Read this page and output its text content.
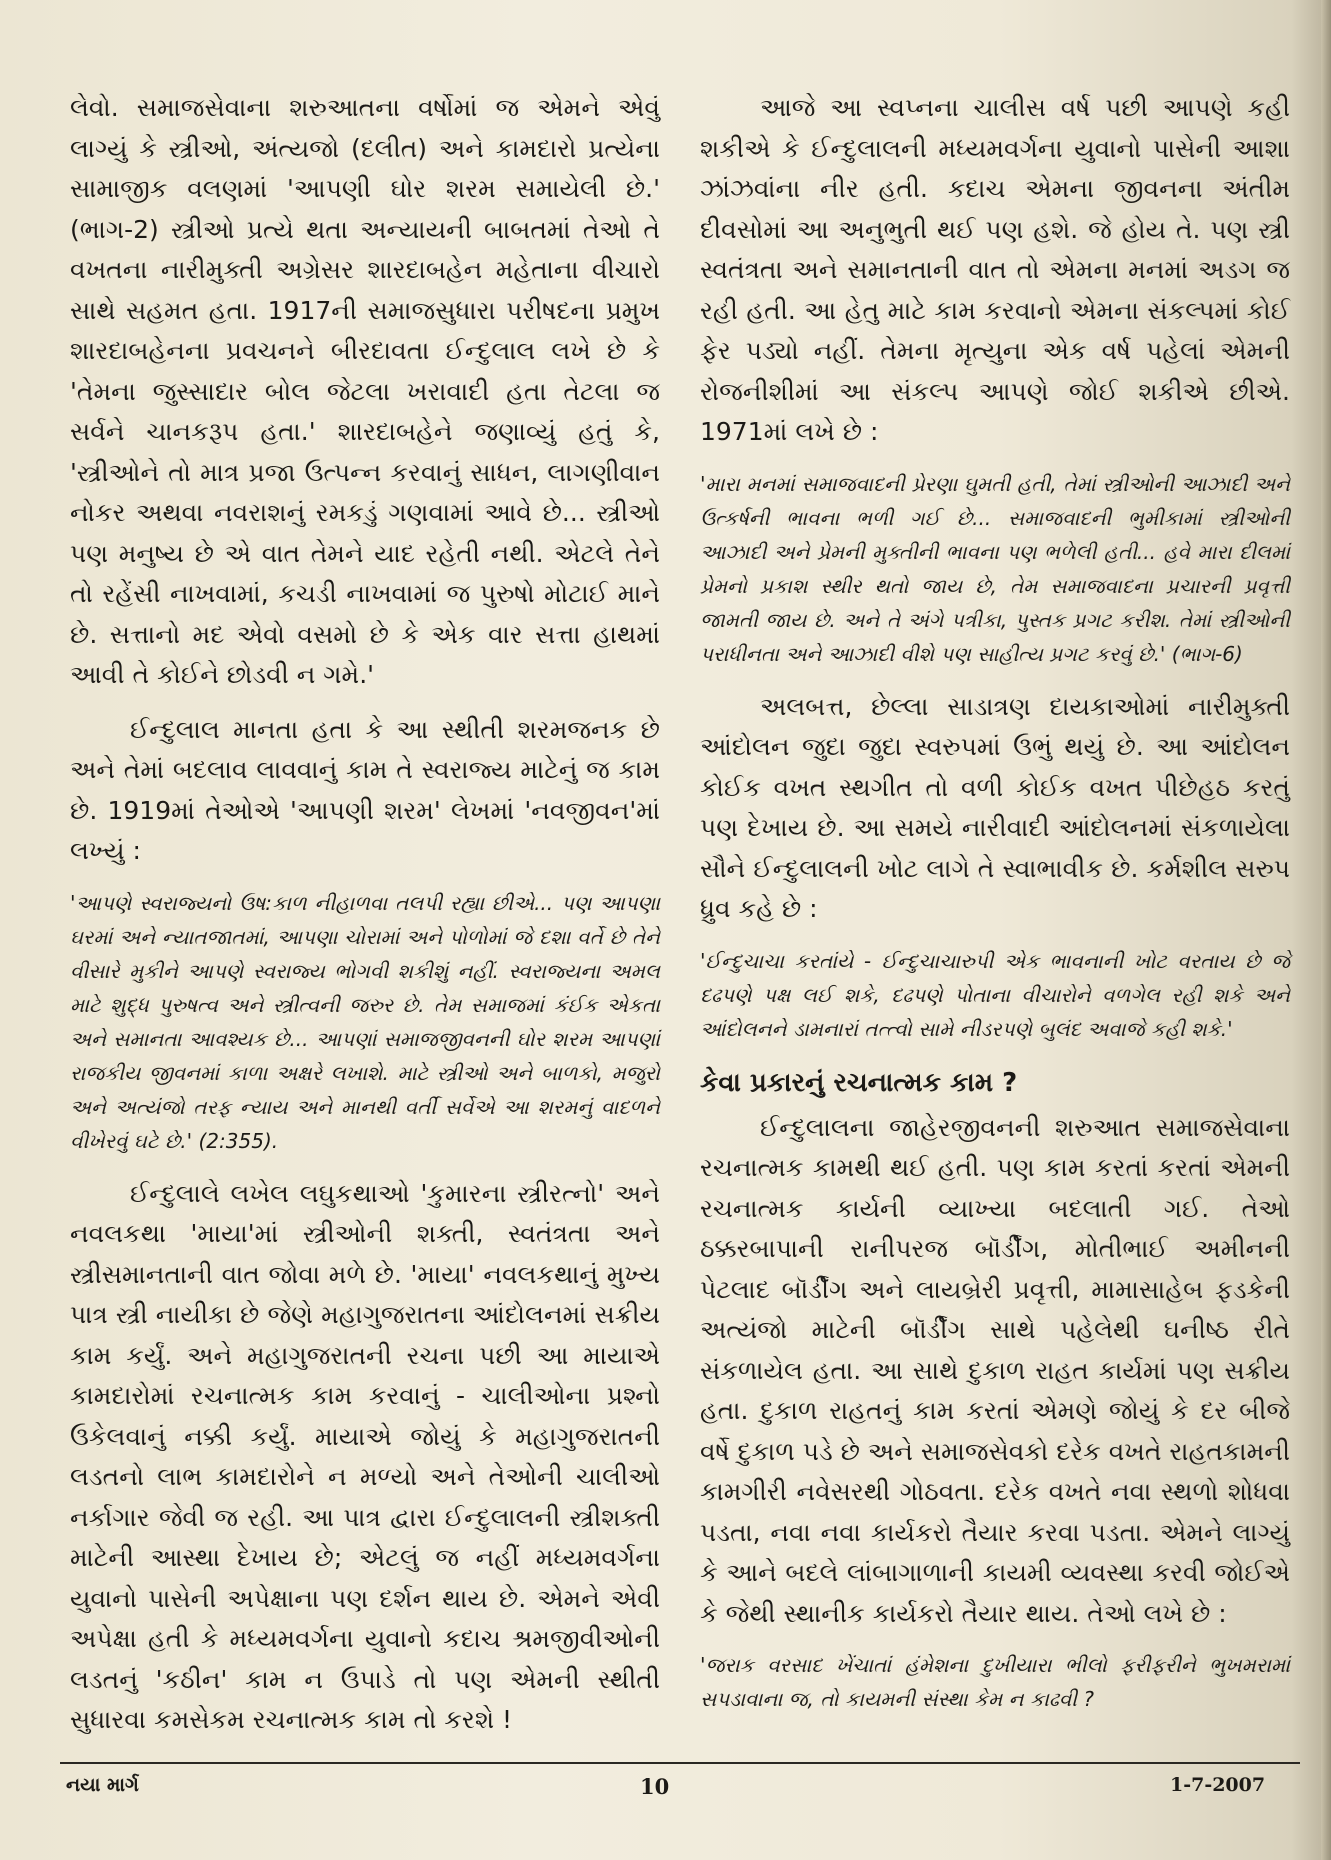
લેવો. સમાજસેવાના શરુઆતના વર્ષોમાં જ એમને એવું લાગ્યું કે સ્ત્રીઓ, અંત્યજો (દલીત) અને કામદારો પ્રત્યેના સામાજીક વલણમાં 'આપણી ઘોર શરમ સમાયેલી છે.' (ભાગ-2) સ્ત્રીઓ પ્રત્યે થતા અન્યાયની બાબતમાં તેઓ તે વખતના નારીમુક્તી અગ્રેસર શારદાબહેન મહેતાના વીચારો સાથે સહમત હતા. 1917ની સમાજસુધારા પરીષદના પ્રમુખ શારદાબહેનના પ્રવચનને બીરદાવતા ઈન્દુલાલ લખે છે કે 'તેમના જુસ્સાદાર બોલ જેટલા ખરાવાદી હતા તેટલા જ સર્વને ચાનકરૂપ હતા.' શારદાબહેને જણાવ્યું હતું કે, 'સ્ત્રીઓને તો માત્ર પ્રજા ઉત્પન્ન કરવાનું સાધન, લાગણીવાન નોકર અથવા નવરાશનું રમકડું ગણવામાં આવે છે... સ્ત્રીઓ પણ મનુષ્ય છે એ વાત તેમને યાદ રહેતી નથી. એટલે તેને તો રહેંસી નાખવામાં, કચડી નાખવામાં જ પુરુષો મોટાઈ માને છે. સત્તાનો મદ એવો વસમો છે કે એક વાર સત્તા હાથમાં આવી તે કોઈને છોડવી ન ગમે.'

ઈન્દુલાલ માનતા હતા કે આ સ્થીતી શરમજનક છે અને તેમાં બદલાવ લાવવાનું કામ તે સ્વરાજ્ય માટેનું જ કામ છે. 1919માં તેઓએ 'આપણી શરમ' લેખમાં 'નવજીવન'માં લખ્યું :

'આપણે સ્વરાજ્યનો ઉષ:કાળ નીહાળવા તલપી રહ્યા છીએ... પણ આપણા ઘરમાં અને ન્યાતજાતમાં, આપણા ચોરામાં અને પોળોમાં જે દશા વર્તે છે તેને વીસારે મુકીને આપણે સ્વરાજ્ય ભોગવી શકીશું નહીં. સ્વરાજ્યના અમલ માટે શુદ્ધ પુરુષત્વ અને સ્ત્રીત્વની જરુર છે. તેમ સમાજમાં કંઈક એકતા અને સમાનતા આવશ્યક છે... આપણાં સમાજજીવનની ઘોર શરમ આપણાં રાજકીય જીવનમાં કાળા અક્ષરે લખાશે. માટે સ્ત્રીઓ અને બાળકો, મજુરો અને અત્યંજો તરફ ન્યાય અને માનથી વર્તી સર્વેએ આ શરમનું વાદળને વીખેરવું ઘટે છે.' (2:355).

ઈન્દુલાલે લખેલ લઘુકથાઓ 'કુમારના સ્ત્રીરત્નો' અને નવલકથા 'માયા'માં સ્ત્રીઓની શક્તી, સ્વતંત્રતા અને સ્ત્રીસમાનતાની વાત જોવા મળે છે. 'માયા' નવલકથાનું મુખ્ય પાત્ર સ્ત્રી નાયીકા છે જેણે મહાગુજરાતના આંદોલનમાં સક્રીય કામ કર્યું. અને મહાગુજરાતની રચના પછી આ માયાએ કામદારોમાં રચનાત્મક કામ કરવાનું - ચાલીઓના પ્રશ્નો ઉકેલવાનું નક્કી કર્યું. માયાએ જોયું કે મહાગુજરાતની લડતનો લાભ કામદારોને ન મળ્યો અને તેઓની ચાલીઓ નર્કાગાર જેવી જ રહી. આ પાત્ર દ્વારા ઈન્દુલાલની સ્ત્રીશક્તી માટેની આસ્થા દેખાય છે; એટલું જ નહીં મધ્યમવર્ગના યુવાનો પાસેની અપેક્ષાના પણ દર્શન થાય છે. એમને એવી અપેક્ષા હતી કે મધ્યમવર્ગના યુવાનો કદાચ શ્રમજીવીઓની લડતનું 'કઠીન' કામ ન ઉપાડે તો પણ એમની સ્થીતી સુધારવા કમસેકમ રચનાત્મક કામ તો કરશે !

આજે આ સ્વપ્નના ચાલીસ વર્ષ પછી આપણે કહી શકીએ કે ઈન્દુલાલની મધ્યમવર્ગના યુવાનો પાસેની આશા ઝાંઝવાંના નીર હતી. કદાચ એમના જીવનના અંતીમ દીવસોમાં આ અનુભુતી થઈ પણ હશે. જે હોય તે. પણ સ્ત્રી સ્વતંત્રતા અને સમાનતાની વાત તો એમના મનમાં અડગ જ રહી હતી. આ હેતુ માટે કામ કરવાનો એમના સંકલ્પમાં કોઈ ફેર પડ્યો નહીં. તેમના મૃત્યુના એક વર્ષ પહેલાં એમની રોજનીશીમાં આ સંકલ્પ આપણે જોઈ શકીએ છીએ. 1971માં લખે છે :

'મારા મનમાં સમાજવાદની પ્રેરણા ઘુમતી હતી, તેમાં સ્ત્રીઓની આઝાદી અને ઉત્કર્ષની ભાવના ભળી ગઈ છે... સમાજવાદની ભુમીકામાં સ્ત્રીઓની આઝાદી અને પ્રેમની મુક્તીની ભાવના પણ ભળેલી હતી... હવે મારા દીલમાં પ્રેમનો પ્રકાશ સ્થીર થતો જાય છે, તેમ સમાજવાદના પ્રચારની પ્રવૃત્તી જામતી જાય છે. અને તે અંગે પત્રીકા, પુસ્તક પ્રગટ કરીશ. તેમાં સ્ત્રીઓની પરાધીનતા અને આઝાદી વીશે પણ સાહીત્ય પ્રગટ કરવું છે.' (ભાગ-6)

અલબત્ત, છેલ્લા સાડાત્રણ દાયકાઓમાં નારીમુક્તી આંદોલન જુદા જુદા સ્વરુપમાં ઉભું થયું છે. આ આંદોલન કોઈક વખત સ્થગીત તો વળી કોઈક વખત પીછેહઠ કરતું પણ દેખાય છે. આ સમયે નારીવાદી આંદોલનમાં સંકળાયેલા સૌને ઈન્દુલાલની ખોટ લાગે તે સ્વાભાવીક છે. કર્મશીલ સરુપ ધ્રુવ કહે છે :

'ઈન્દુચાચા કરતાંયે - ઈન્દુચાચારુપી એક ભાવનાની ખોટ વરતાય છે જે દઢપણે પક્ષ લઈ શકે, દઢપણે પોતાના વીચારોને વળગેલ રહી શકે અને આંદોલનને ડામનારાં તત્ત્વો સામે નીડરપણે બુલંદ અવાજે કહી શકે.'

કેવા પ્રકારનું રચનાત્મક કામ ?

ઈન્દુલાલના જાહેરજીવનની શરુઆત સમાજસેવાના રચનાત્મક કામથી થઈ હતી. પણ કામ કરતાં કરતાં એમની રચનાત્મક કાર્યની વ્યાખ્યા બદલાતી ગઈ. તેઓ ઠક્કરબાપાની રાનીપરજ બૉર્ડીંગ, મોતીભાઈ અમીનની પેટલાદ બૉર્ડીંગ અને લાયબ્રેરી પ્રવૃત્તી, મામાસાહેબ ફડકેની અત્યંજો માટેની બૉર્ડીંગ સાથે પહેલેથી ઘનીષ્ઠ રીતે સંકળાયેલ હતા. આ સાથે દુકાળ રાહત કાર્યમાં પણ સક્રીય હતા. દુકાળ રાહતનું કામ કરતાં એમણે જોયું કે દર બીજે વર્ષે દુકાળ પડે છે અને સમાજસેવકો દરેક વખતે રાહતકામની કામગીરી નવેસરથી ગોઠવતા. દરેક વખતે નવા સ્થળો શોધવા પડતા, નવા નવા કાર્યકરો તૈયાર કરવા પડતા. એમને લાગ્યું કે આને બદલે લાંબાગાળાની કાયમી વ્યવસ્થા કરવી જોઈએ કે જેથી સ્થાનીક કાર્યકરો તૈયાર થાય. તેઓ લખે છે :

'જરાક વરસાદ ખેંચાતાં હંમેશના દુખીયારા ભીલો ફરીફરીને ભુખમરામાં સપડાવાના જ, તો કાયમની સંસ્થા કેમ ન કાઢવી ?

નયા માર્ગ	10	1-7-2007
